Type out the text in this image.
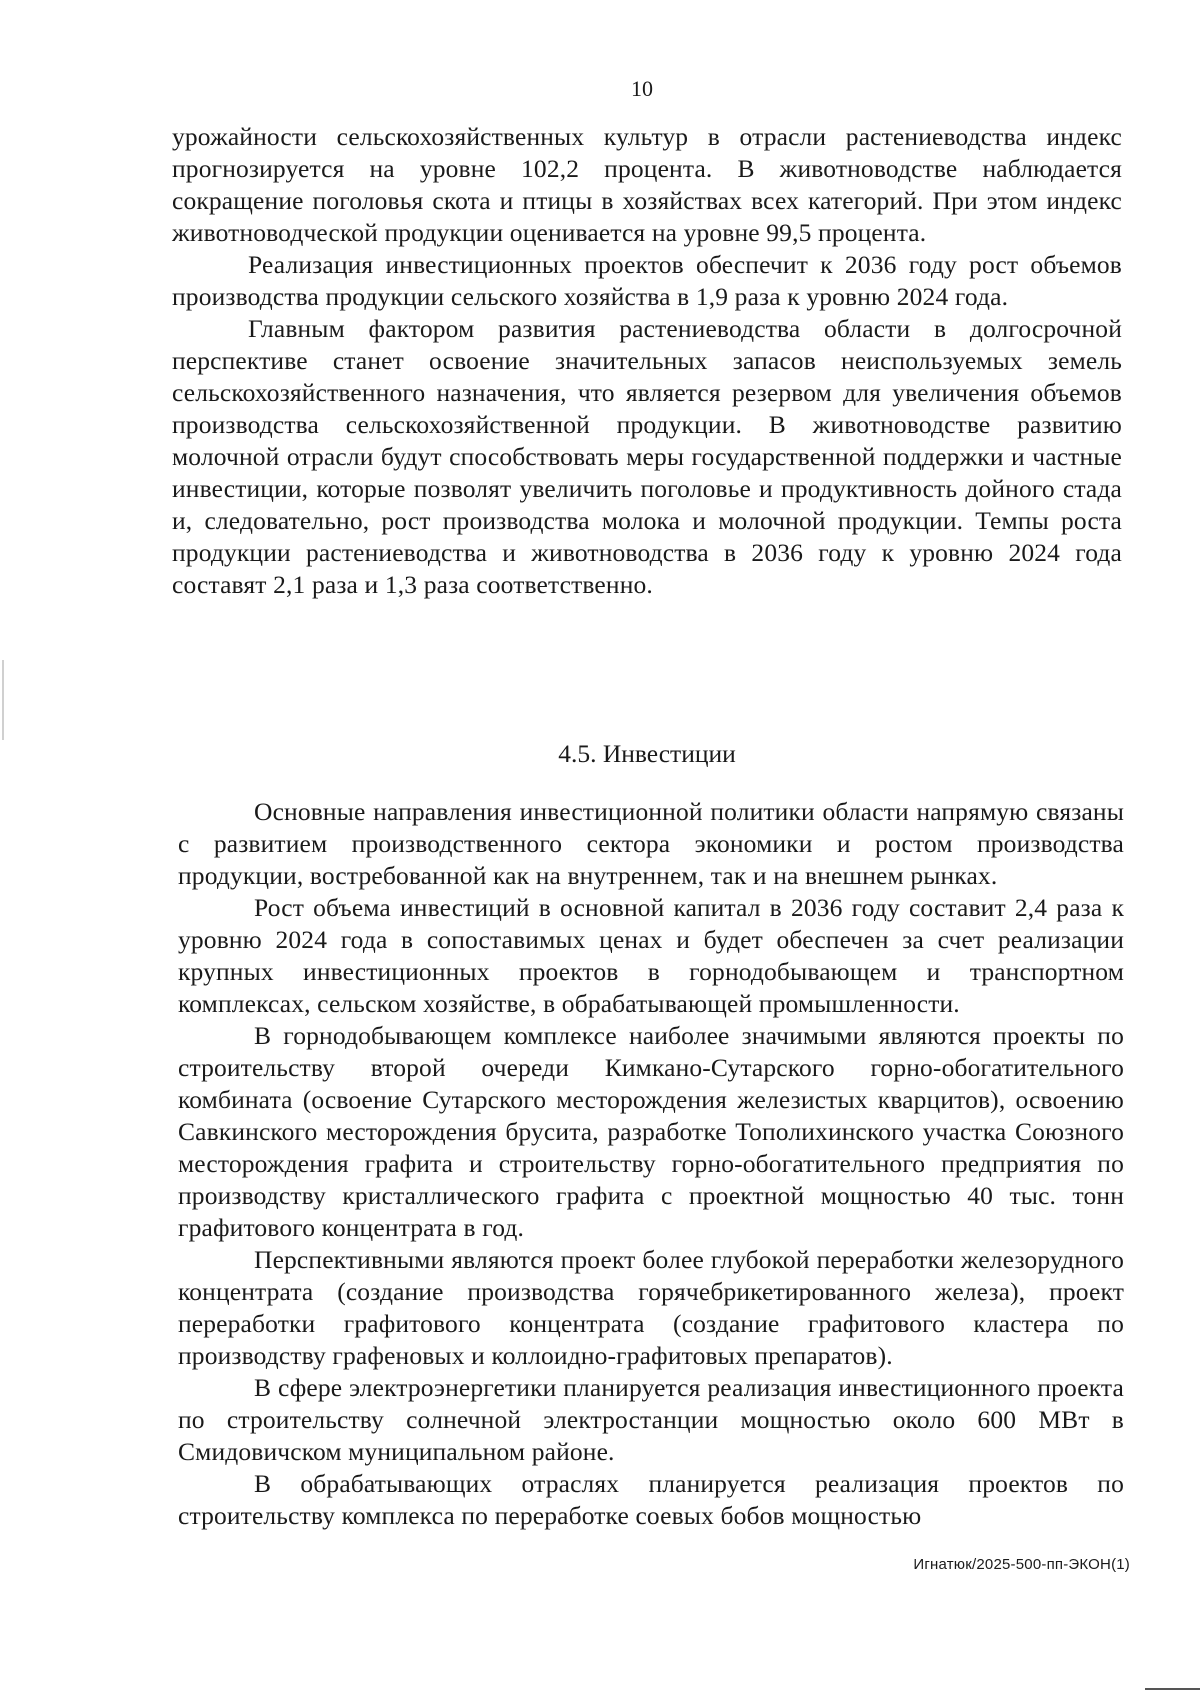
10

урожайности сельскохозяйственных культур в отрасли растениеводства индекс прогнозируется на уровне 102,2 процента. В животноводстве наблюдается сокращение поголовья скота и птицы в хозяйствах всех категорий. При этом индекс животноводческой продукции оценивается на уровне 99,5 процента.

Реализация инвестиционных проектов обеспечит к 2036 году рост объемов производства продукции сельского хозяйства в 1,9 раза к уровню 2024 года.

Главным фактором развития растениеводства области в долгосрочной перспективе станет освоение значительных запасов неиспользуемых земель сельскохозяйственного назначения, что является резервом для увеличения объемов производства сельскохозяйственной продукции. В животноводстве развитию молочной отрасли будут способствовать меры государственной поддержки и частные инвестиции, которые позволят увеличить поголовье и продуктивность дойного стада и, следовательно, рост производства молока и молочной продукции. Темпы роста продукции растениеводства и животноводства в 2036 году к уровню 2024 года составят 2,1 раза и 1,3 раза соответственно.

4.5. Инвестиции

Основные направления инвестиционной политики области напрямую связаны с развитием производственного сектора экономики и ростом производства продукции, востребованной как на внутреннем, так и на внешнем рынках.

Рост объема инвестиций в основной капитал в 2036 году составит 2,4 раза к уровню 2024 года в сопоставимых ценах и будет обеспечен за счет реализации крупных инвестиционных проектов в горнодобывающем и транспортном комплексах, сельском хозяйстве, в обрабатывающей промышленности.

В горнодобывающем комплексе наиболее значимыми являются проекты по строительству второй очереди Кимкано-Сутарского горно-обогатительного комбината (освоение Сутарского месторождения железистых кварцитов), освоению Савкинского месторождения брусита, разработке Тополихинского участка Союзного месторождения графита и строительству горно-обогатительного предприятия по производству кристаллического графита с проектной мощностью 40 тыс. тонн графитового концентрата в год.

Перспективными являются проект более глубокой переработки железорудного концентрата (создание производства горячебрикетированного железа), проект переработки графитового концентрата (создание графитового кластера по производству графеновых и коллоидно-графитовых препаратов).

В сфере электроэнергетики планируется реализация инвестиционного проекта по строительству солнечной электростанции мощностью около 600 МВт в Смидовичском муниципальном районе.

В обрабатывающих отраслях планируется реализация проектов по строительству комплекса по переработке соевых бобов мощностью

Игнатюк/2025-500-пп-ЭКОН(1)
